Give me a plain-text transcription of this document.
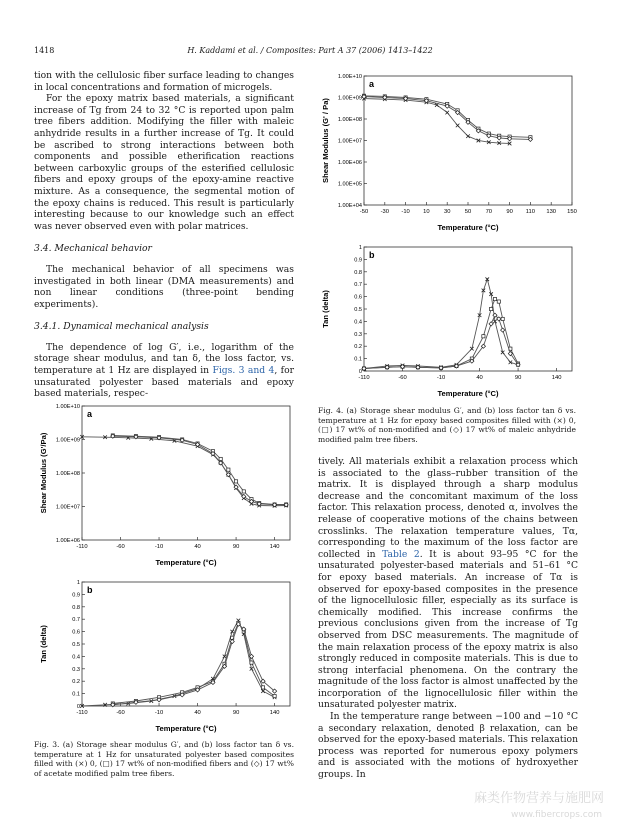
1418	H. Kaddami et al. / Composites: Part A 37 (2006) 1413–1422

tion with the cellulosic fiber surface leading to changes in local concentrations and formation of microgels.

For the epoxy matrix based materials, a significant increase of Tg from 24 to 32 °C is reported upon palm tree fibers addition. Modifying the filler with maleic anhydride results in a further increase of Tg. It could be ascribed to strong interactions between both components and possible etherification reactions between carboxylic groups of the esterified cellulosic fibers and epoxy groups of the epoxy-amine reactive mixture. As a consequence, the segmental motion of the epoxy chains is reduced. This result is particularly interesting because to our knowledge such an effect was never observed even with polar matrices.

3.4. Mechanical behavior

The mechanical behavior of all specimens was investigated in both linear (DMA measurements) and non linear conditions (three-point bending experiments).

3.4.1. Dynamical mechanical analysis

The dependence of log G′, i.e., logarithm of the storage shear modulus, and tan δ, the loss factor, vs. temperature at 1 Hz are displayed in Figs. 3 and 4, for unsaturated polyester based materials and epoxy based materials, respec-

a
1.00E+06
1.00E+07
1.00E+08
1.00E+09
1.00E+10
-110	-60	-10	40	90	140
Temperature (°C)
Shear Modulus (G'/Pa)
b
0
0.1
0.2
0.3
0.4
0.5
0.6
0.7
0.8
0.9
1
-110	-60	-10	40	90	140
Temperature (°C)
Tan (delta)
Fig. 3. (a) Storage shear modulus G′, and (b) loss factor tan δ vs. temperature at 1 Hz for unsaturated polyester based composites filled with (×) 0, (□) 17 wt% of non-modified fibers and (◇) 17 wt% of acetate modified palm tree fibers.
a
1.00E+04
1.00E+05
1.00E+06
1.00E+07
1.00E+08
1.00E+09
1.00E+10
-50 -30 -10 10 30 50 70 90 110 130 150
Temperature (°C)
Shear Modulus (G' / Pa)
b
0
0.1
0.2
0.3
0.4
0.5
0.6
0.7
0.8
0.9
1
-110	-60	-10	40	90	140
Temperature (°C)
Tan (delta)
Fig. 4. (a) Storage shear modulus G′, and (b) loss factor tan δ vs. temperature at 1 Hz for epoxy based composites filled with (×) 0, (□) 17 wt% of non-modified and (◇) 17 wt% of maleic anhydride modified palm tree fibers.

tively. All materials exhibit a relaxation process which is associated to the glass–rubber transition of the matrix. It is displayed through a sharp modulus decrease and the concomitant maximum of the loss factor. This relaxation process, denoted α, involves the release of cooperative motions of the chains between crosslinks. The relaxation temperature values, Tα, corresponding to the maximum of the loss factor are collected in Table 2. It is about 93–95 °C for the unsaturated polyester-based materials and 51–61 °C for epoxy based materials. An increase of Tα is observed for epoxy-based composites in the presence of the lignocellulosic filler, especially as its surface is chemically modified. This increase confirms the previous conclusions given from the increase of Tg observed from DSC measurements. The magnitude of the main relaxation process of the epoxy matrix is also strongly reduced in composite materials. This is due to strong interfacial phenomena. On the contrary the magnitude of the loss factor is almost unaffected by the incorporation of the lignocellulosic filler within the unsaturated polyester matrix.

In the temperature range between −100 and −10 °C a secondary relaxation, denoted β relaxation, can be observed for the epoxy-based materials. This relaxation process was reported for numerous epoxy polymers and is associated with the motions of hydroxyether groups. In

麻类作物营养与施肥网
www.fibercrops.com
